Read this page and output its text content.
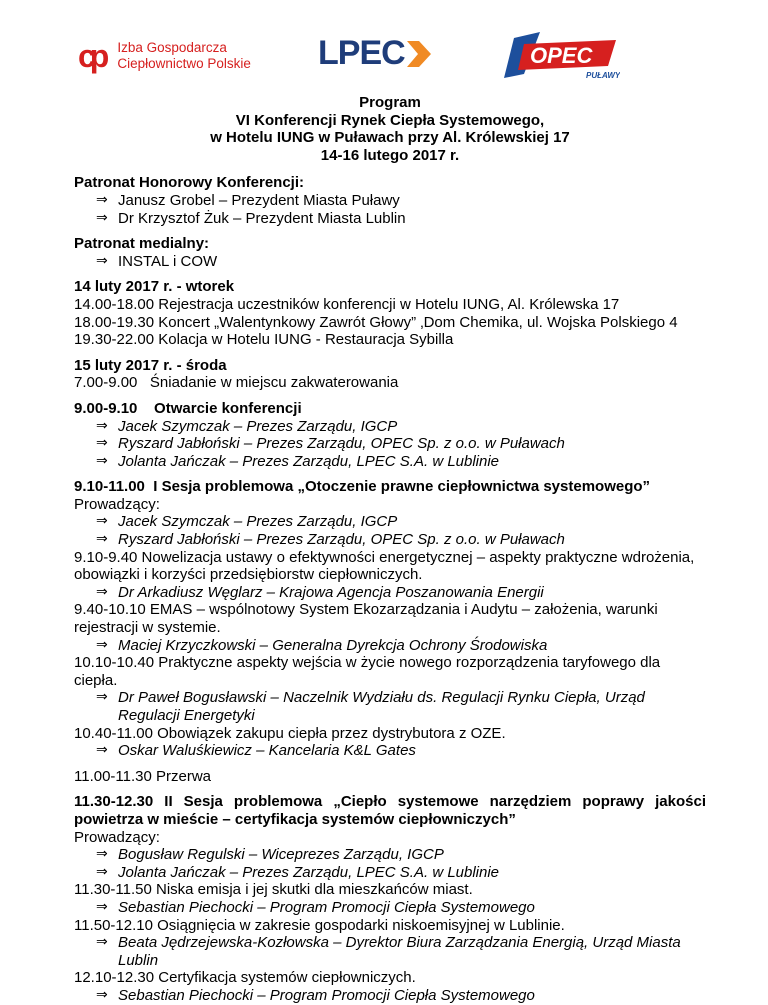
cp Izba Gospodarcza
Ciepłownictwo Polskie LPEC	OPEC
PUŁAWY

Program

VI Konferencji Rynek Ciepła Systemowego,

w Hotelu IUNG w Puławach przy Al. Królewskiej 17

14-16 lutego 2017 r.

Patronat Honorowy Konferencji:

⇒ Janusz Grobel – Prezydent Miasta Puławy
⇒ Dr Krzysztof Żuk – Prezydent Miasta Lublin

Patronat medialny:

⇒ INSTAL i COW

14 luty 2017 r. - wtorek

14.00-18.00 Rejestracja uczestników konferencji w Hotelu IUNG, Al. Królewska 17

18.00-19.30 Koncert „Walentynkowy Zawrót Głowy” ‚Dom Chemika, ul. Wojska Polskiego 4

19.30-22.00 Kolacja w Hotelu IUNG - Restauracja Sybilla

15 luty 2017 r. - środa

7.00-9.00   Śniadanie w miejscu zakwaterowania

9.00-9.10    Otwarcie konferencji

⇒ Jacek Szymczak – Prezes Zarządu, IGCP
⇒ Ryszard Jabłoński – Prezes Zarządu, OPEC Sp. z o.o. w Puławach
⇒ Jolanta Jańczak – Prezes Zarządu, LPEC S.A. w Lublinie

9.10-11.00  I Sesja problemowa „Otoczenie prawne ciepłownictwa systemowego”

Prowadzący:

⇒ Jacek Szymczak – Prezes Zarządu, IGCP
⇒ Ryszard Jabłoński – Prezes Zarządu, OPEC Sp. z o.o. w Puławach

9.10-9.40 Nowelizacja ustawy o efektywności energetycznej – aspekty praktyczne wdrożenia, obowiązki i korzyści przedsiębiorstw ciepłowniczych.

⇒ Dr Arkadiusz Węglarz – Krajowa Agencja Poszanowania Energii

9.40-10.10 EMAS – wspólnotowy System Ekozarządzania i Audytu – założenia, warunki rejestracji w systemie.

⇒ Maciej Krzyczkowski – Generalna Dyrekcja Ochrony Środowiska

10.10-10.40 Praktyczne aspekty wejścia w życie nowego rozporządzenia taryfowego dla ciepła.

⇒ Dr Paweł Bogusławski – Naczelnik Wydziału ds. Regulacji Rynku Ciepła, Urząd Regulacji Energetyki

10.40-11.00 Obowiązek zakupu ciepła przez dystrybutora z OZE.

⇒ Oskar Waluśkiewicz – Kancelaria K&L Gates

11.00-11.30 Przerwa

11.30-12.30 II Sesja problemowa „Ciepło systemowe narzędziem poprawy jakości powietrza w mieście – certyfikacja systemów ciepłowniczych”

Prowadzący:

⇒ Bogusław Regulski – Wiceprezes Zarządu, IGCP
⇒ Jolanta Jańczak – Prezes Zarządu, LPEC S.A. w Lublinie

11.30-11.50 Niska emisja i jej skutki dla mieszkańców miast.

⇒ Sebastian Piechocki – Program Promocji Ciepła Systemowego

11.50-12.10 Osiągnięcia w zakresie gospodarki niskoemisyjnej w Lublinie.

⇒ Beata Jędrzejewska-Kozłowska – Dyrektor Biura Zarządzania Energią, Urząd Miasta Lublin

12.10-12.30 Certyfikacja systemów ciepłowniczych.

⇒ Sebastian Piechocki – Program Promocji Ciepła Systemowego
